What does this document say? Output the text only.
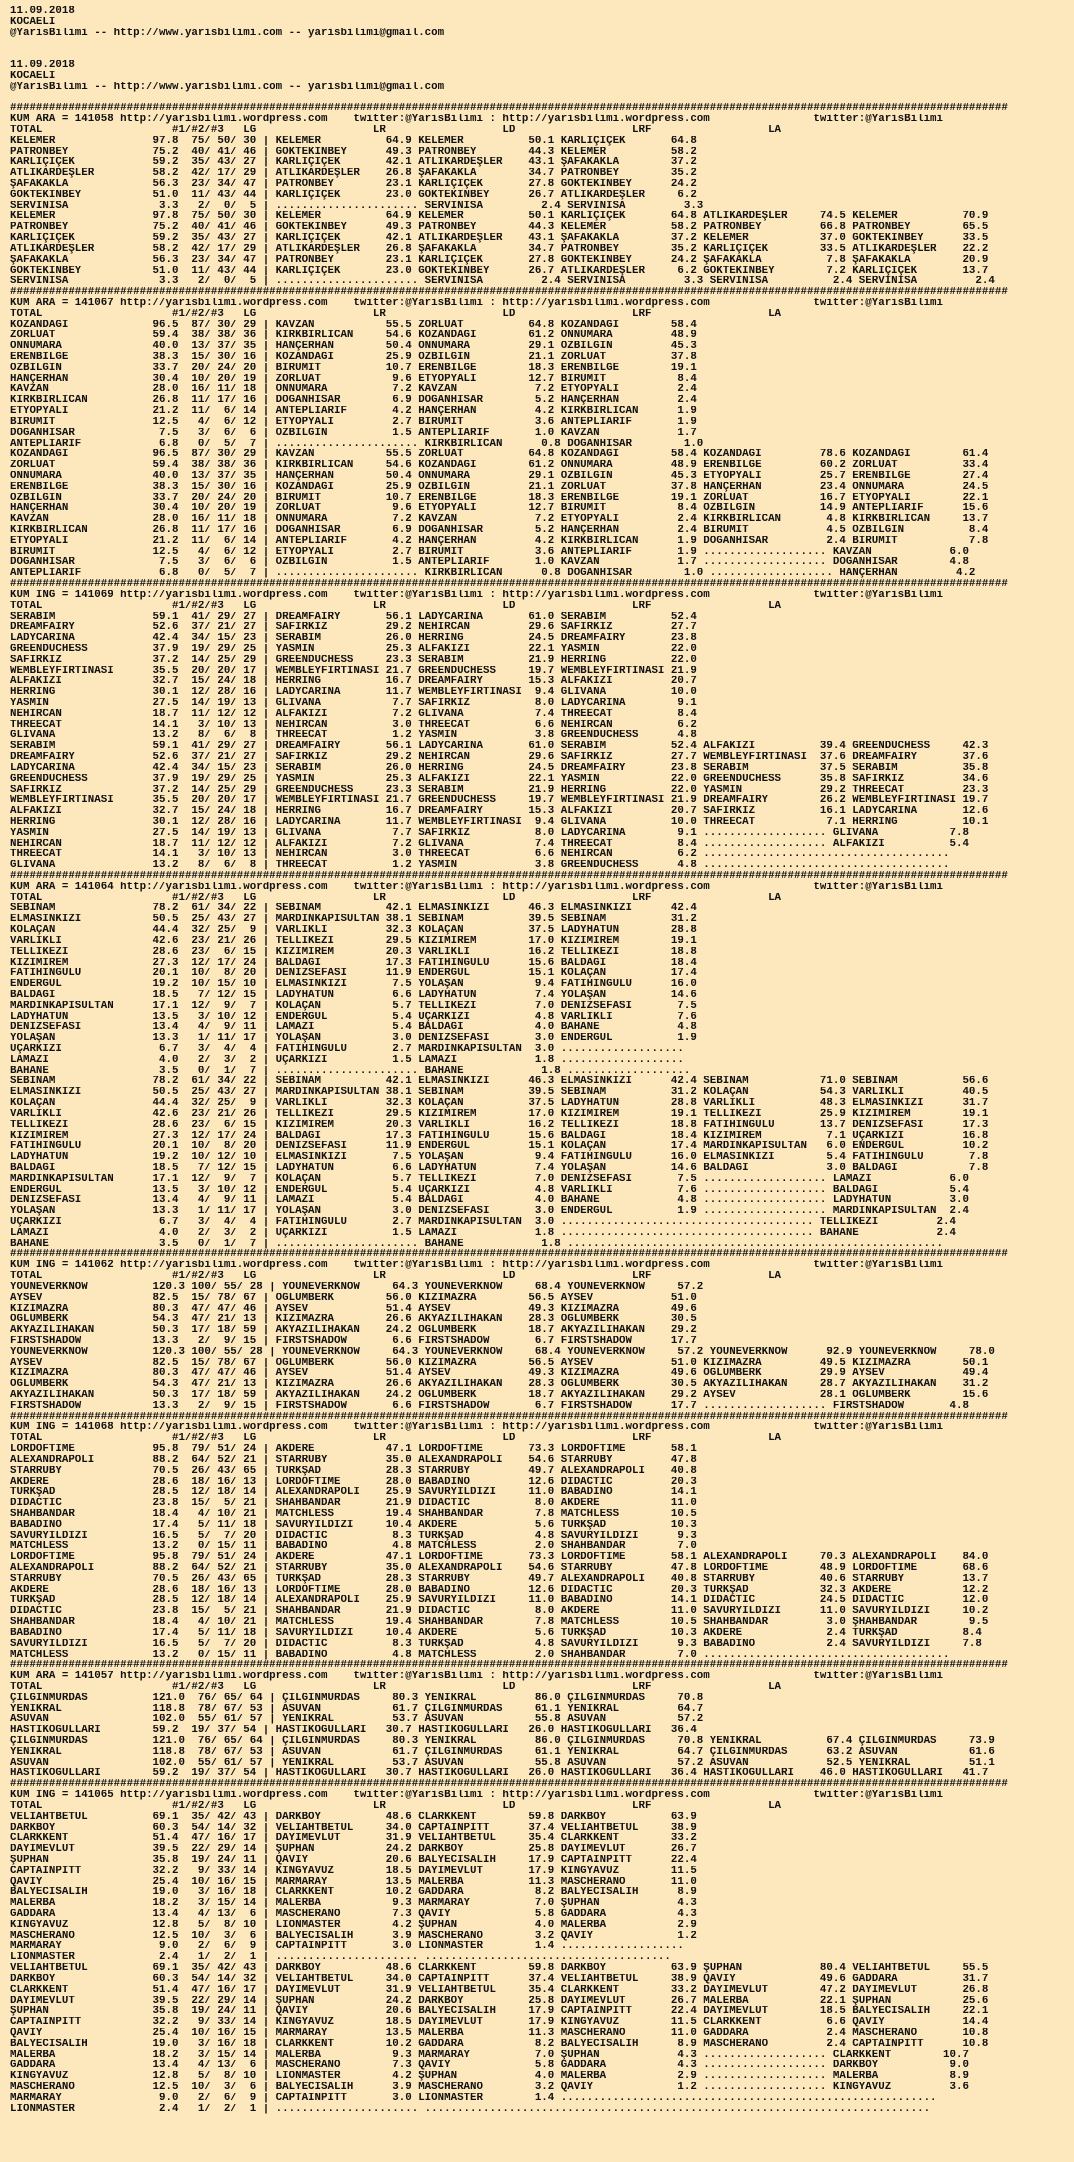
11.09.2018
KOCAELİ
@YarisBilimi -- http://www.yarisbilimi.com -- yarisbilimi@gmail.com

11.09.2018
KOCAELİ
@YarisBilimi -- http://www.yarisbilimi.com -- yarisbilimi@gmail.com

##########################################################################################################################################################
KUM ARA = 141058 http://yarisbilimi.wordpress.com    twitter:@YarisBilimi : http://yarisbilimi.wordpress.com                twitter:@YarisBilimi
TOTAL                    #1/#2/#3   LG                  LR                  LD                  LRF                  LA
KELEMER               97.8  75/ 50/ 30 | KELEMER          64.9 KELEMER          50.1 KARLIÇİÇEK       64.8
PATRONBEY             75.2  40/ 41/ 46 | GÖKTEKİNBEY      49.3 PATRONBEY        44.3 KELEMER          58.2
KARLIÇİÇEK            59.2  35/ 43/ 27 | KARLIÇİÇEK       42.1 ATLIKARDEŞLER    43.1 ŞAFAKAKLA        37.2
ATLIKARDEŞLER         58.2  42/ 17/ 29 | ATLIKARDEŞLER    26.8 ŞAFAKAKLA        34.7 PATRONBEY        35.2
ŞAFAKAKLA             56.3  23/ 34/ 47 | PATRONBEY        23.1 KARLIÇİÇEK       27.8 GÖKTEKİNBEY      24.2
GÖKTEKİNBEY           51.0  11/ 43/ 44 | KARLIÇİÇEK       23.0 GÖKTEKİNBEY      26.7 ATLIKARDEŞLER     6.2
SERVİNİSA              3.3   2/  0/  5 | ...................... SERVİNİSA         2.4 SERVİNİSA         3.3
KELEMER               97.8  75/ 50/ 30 | KELEMER          64.9 KELEMER          50.1 KARLIÇİÇEK       64.8 ATLIKARDEŞLER     74.5 KELEMER          70.9
PATRONBEY             75.2  40/ 41/ 46 | GÖKTEKİNBEY      49.3 PATRONBEY        44.3 KELEMER          58.2 PATRONBEY         66.8 PATRONBEY        65.5
KARLIÇİÇEK            59.2  35/ 43/ 27 | KARLIÇİÇEK       42.1 ATLIKARDEŞLER    43.1 ŞAFAKAKLA        37.2 KELEMER           37.0 GÖKTEKİNBEY      33.5
ATLIKARDEŞLER         58.2  42/ 17/ 29 | ATLIKARDEŞLER    26.8 ŞAFAKAKLA        34.7 PATRONBEY        35.2 KARLIÇİÇEK        33.5 ATLIKARDEŞLER    22.2
ŞAFAKAKLA             56.3  23/ 34/ 47 | PATRONBEY        23.1 KARLIÇİÇEK       27.8 GÖKTEKİNBEY      24.2 ŞAFAKAKLA          7.8 ŞAFAKAKLA        20.9
GÖKTEKİNBEY           51.0  11/ 43/ 44 | KARLIÇİÇEK       23.0 GÖKTEKİNBEY      26.7 ATLIKARDEŞLER     6.2 GÖKTEKİNBEY        7.2 KARLIÇİÇEK       13.7
SERVİNİSA              3.3   2/  0/  5 | ...................... SERVİNİSA         2.4 SERVİNİSA         3.3 SERVİNİSA          2.4 SERVİNİSA         2.4
##########################################################################################################################################################
KUM ARA = 141067 http://yarisbilimi.wordpress.com    twitter:@YarisBilimi : http://yarisbilimi.wordpress.com                twitter:@YarisBilimi
TOTAL                    #1/#2/#3   LG                  LR                  LD                  LRF                  LA
KOZANDAĞI             96.5  87/ 30/ 29 | KAVZAN           55.5 ZORLUAT          64.8 KOZANDAĞI        58.4
ZORLUAT               59.4  38/ 38/ 36 | KIRKBİRLİCAN     54.6 KOZANDAĞI        61.2 ONNUMARA         48.9
ONNUMARA              40.0  13/ 37/ 35 | HANÇERHAN        50.4 ONNUMARA         29.1 ÖZBİLGİN         45.3
ERENBİLGE             38.3  15/ 30/ 16 | KOZANDAĞI        25.9 ÖZBİLGİN         21.1 ZORLUAT          37.8
ÖZBİLGİN              33.7  20/ 24/ 20 | BİRUMİT          10.7 ERENBİLGE        18.3 ERENBİLGE        19.1
HANÇERHAN             30.4  10/ 20/ 19 | ZORLUAT           9.6 ETYOPYALI        12.7 BİRUMİT           8.4
KAVZAN                28.0  16/ 11/ 18 | ONNUMARA          7.2 KAVZAN            7.2 ETYOPYALI         2.4
KIRKBİRLİCAN          26.8  11/ 17/ 16 | DOĞANHİSAR        6.9 DOĞANHİSAR        5.2 HANÇERHAN         2.4
ETYOPYALI             21.2  11/  6/ 14 | ANTEPLİARİF       4.2 HANÇERHAN         4.2 KIRKBİRLİCAN      1.9
BİRUMİT               12.5   4/  6/ 12 | ETYOPYALI         2.7 BİRUMİT           3.6 ANTEPLİARİF       1.9
DOĞANHİSAR             7.5   3/  6/  6 | ÖZBİLGİN          1.5 ANTEPLİARİF       1.0 KAVZAN            1.7
ANTEPLİARİF            6.8   0/  5/  7 | ...................... KIRKBİRLİCAN      0.8 DOĞANHİSAR        1.0
KOZANDAĞI             96.5  87/ 30/ 29 | KAVZAN           55.5 ZORLUAT          64.8 KOZANDAĞI        58.4 KOZANDAĞI         78.6 KOZANDAĞI        61.4
ZORLUAT               59.4  38/ 38/ 36 | KIRKBİRLİCAN     54.6 KOZANDAĞI        61.2 ONNUMARA         48.9 ERENBİLGE         60.2 ZORLUAT          33.4
ONNUMARA              40.0  13/ 37/ 35 | HANÇERHAN        50.4 ONNUMARA         29.1 ÖZBİLGİN         45.3 ETYOPYALI         25.7 ERENBİLGE        27.4
ERENBİLGE             38.3  15/ 30/ 16 | KOZANDAĞI        25.9 ÖZBİLGİN         21.1 ZORLUAT          37.8 HANÇERHAN         23.4 ONNUMARA         24.5
ÖZBİLGİN              33.7  20/ 24/ 20 | BİRUMİT          10.7 ERENBİLGE        18.3 ERENBİLGE        19.1 ZORLUAT           16.7 ETYOPYALI        22.1
HANÇERHAN             30.4  10/ 20/ 19 | ZORLUAT           9.6 ETYOPYALI        12.7 BİRUMİT           8.4 ÖZBİLGİN          14.9 ANTEPLİARİF      15.6
KAVZAN                28.0  16/ 11/ 18 | ONNUMARA          7.2 KAVZAN            7.2 ETYOPYALI         2.4 KIRKBİRLİCAN       4.8 KIRKBİRLİCAN     13.7
KIRKBİRLİCAN          26.8  11/ 17/ 16 | DOĞANHİSAR        6.9 DOĞANHİSAR        5.2 HANÇERHAN         2.4 BİRUMİT            4.5 ÖZBİLGİN          8.4
ETYOPYALI             21.2  11/  6/ 14 | ANTEPLİARİF       4.2 HANÇERHAN         4.2 KIRKBİRLİCAN      1.9 DOĞANHİSAR         2.4 BİRUMİT           7.8
BİRUMİT               12.5   4/  6/ 12 | ETYOPYALI         2.7 BİRUMİT           3.6 ANTEPLİARİF       1.9 ................... KAVZAN            6.0
DOĞANHİSAR             7.5   3/  6/  6 | ÖZBİLGİN          1.5 ANTEPLİARİF       1.0 KAVZAN            1.7 ................... DOĞANHİSAR        4.8
ANTEPLİARİF            6.8   0/  5/  7 | ...................... KIRKBİRLİCAN      0.8 DOĞANHİSAR        1.0 ................... HANÇERHAN         4.2
##########################################################################################################################################################
KUM ING = 141069 http://yarisbilimi.wordpress.com    twitter:@YarisBilimi : http://yarisbilimi.wordpress.com                twitter:@YarisBilimi
TOTAL                    #1/#2/#3   LG                  LR                  LD                  LRF                  LA
SERABİM               59.1  41/ 29/ 27 | DREAMFAIRY       56.1 LADYCARINA       61.0 SERABİM          52.4
DREAMFAIRY            52.6  37/ 21/ 27 | SAFİRKIZ         29.2 NEHİRCAN         29.6 SAFİRKIZ         27.7
LADYCARINA            42.4  34/ 15/ 23 | SERABİM          26.0 HERRING          24.5 DREAMFAIRY       23.8
GREENDUCHESS          37.9  19/ 29/ 25 | YASMIN           25.3 ALFAKİZİ         22.1 YASMIN           22.0
SAFİRKIZ              37.2  14/ 25/ 29 | GREENDUCHESS     23.3 SERABİM          21.9 HERRING          22.0
WEMBLEYFIRTINASI      35.5  20/ 20/ 17 | WEMBLEYFIRTINASI 21.7 GREENDUCHESS     19.7 WEMBLEYFIRTINASI 21.9
ALFAKİZİ              32.7  15/ 24/ 18 | HERRING          16.7 DREAMFAIRY       15.3 ALFAKİZİ         20.7
HERRING               30.1  12/ 28/ 16 | LADYCARINA       11.7 WEMBLEYFIRTINASI  9.4 GLIVANA          10.0
YASMIN                27.5  14/ 19/ 13 | GLIVANA           7.7 SAFİRKIZ          8.0 LADYCARINA        9.1
NEHİRCAN              18.7  11/ 12/ 12 | ALFAKİZİ          7.2 GLIVANA           7.4 THREECAT          8.4
THREECAT              14.1   3/ 10/ 13 | NEHİRCAN          3.0 THREECAT          6.6 NEHİRCAN          6.2
GLIVANA               13.2   8/  6/  8 | THREECAT          1.2 YASMIN            3.8 GREENDUCHESS      4.8
SERABİM               59.1  41/ 29/ 27 | DREAMFAIRY       56.1 LADYCARINA       61.0 SERABİM          52.4 ALFAKİZİ          39.4 GREENDUCHESS     42.3
DREAMFAIRY            52.6  37/ 21/ 27 | SAFİRKIZ         29.2 NEHİRCAN         29.6 SAFİRKIZ         27.7 WEMBLEYFIRTINASI  37.6 DREAMFAIRY       37.6
LADYCARINA            42.4  34/ 15/ 23 | SERABİM          26.0 HERRING          24.5 DREAMFAIRY       23.8 SERABİM           37.5 SERABİM          35.8
GREENDUCHESS          37.9  19/ 29/ 25 | YASMIN           25.3 ALFAKİZİ         22.1 YASMIN           22.0 GREENDUCHESS      35.8 SAFİRKIZ         34.6
SAFİRKIZ              37.2  14/ 25/ 29 | GREENDUCHESS     23.3 SERABİM          21.9 HERRING          22.0 YASMIN            29.2 THREECAT         23.3
WEMBLEYFIRTINASI      35.5  20/ 20/ 17 | WEMBLEYFIRTINASI 21.7 GREENDUCHESS     19.7 WEMBLEYFIRTINASI 21.9 DREAMFAIRY        26.2 WEMBLEYFIRTINASI 19.7
ALFAKİZİ              32.7  15/ 24/ 18 | HERRING          16.7 DREAMFAIRY       15.3 ALFAKİZİ         20.7 SAFİRKIZ          16.1 LADYCARINA       12.6
HERRING               30.1  12/ 28/ 16 | LADYCARINA       11.7 WEMBLEYFIRTINASI  9.4 GLIVANA          10.0 THREECAT           7.1 HERRING          10.1
YASMIN                27.5  14/ 19/ 13 | GLIVANA           7.7 SAFİRKIZ          8.0 LADYCARINA        9.1 ................... GLIVANA           7.8
NEHİRCAN              18.7  11/ 12/ 12 | ALFAKİZİ          7.2 GLIVANA           7.4 THREECAT          8.4 ................... ALFAKİZİ          5.4
THREECAT              14.1   3/ 10/ 13 | NEHİRCAN          3.0 THREECAT          6.6 NEHİRCAN          6.2 ......................................
GLIVANA               13.2   8/  6/  8 | THREECAT          1.2 YASMIN            3.8 GREENDUCHESS      4.8 ......................................
##########################################################################################################################################################
KUM ARA = 141064 http://yarisbilimi.wordpress.com    twitter:@YarisBilimi : http://yarisbilimi.wordpress.com                twitter:@YarisBilimi
TOTAL                    #1/#2/#3   LG                  LR                  LD                  LRF                  LA
SEBİNAM               78.2  61/ 34/ 22 | SEBİNAM          42.1 ELMASINKIZI      46.3 ELMASINKIZI      42.4
ELMASINKIZI           50.5  25/ 43/ 27 | MARDİNKAPISULTAN 38.1 SEBİNAM          39.5 SEBİNAM          31.2
KOLAÇAN               44.4  32/ 25/  9 | VARLIKLI         32.3 KOLAÇAN          37.5 LADYHATUN        28.8
VARLIKLI              42.6  23/ 21/ 26 | TELLİKEZİ        29.5 KIZIMİREM        17.0 KIZIMİREM        19.1
TELLİKEZİ             28.6  23/  6/ 15 | KIZIMİREM        20.3 VARLIKLI         16.2 TELLİKEZİ        18.8
KIZIMİREM             27.3  12/ 17/ 24 | BALDAGI          17.3 FATİHİNGÜLÜ      15.6 BALDAGI          18.4
FATİHİNGÜLÜ           20.1  10/  8/ 20 | DENİZSEFASI      11.9 ENDERGÜL         15.1 KOLAÇAN          17.4
ENDERGÜL              19.2  10/ 15/ 10 | ELMASINKIZI       7.5 YOLAŞAN           9.4 FATİHİNGÜLÜ      16.0
BALDAGI               18.5   7/ 12/ 15 | LADYHATUN         6.6 LADYHATUN         7.4 YOLAŞAN          14.6
MARDİNKAPISULTAN      17.1  12/  9/  7 | KOLAÇAN           5.7 TELLİKEZİ         7.0 DENİZSEFASI       7.5
LADYHATUN             13.5   3/ 10/ 12 | ENDERGÜL          5.4 UÇARKIZI          4.8 VARLIKLI          7.6
DENİZSEFASI           13.4   4/  9/ 11 | LAMAZİ            5.4 BALDAGI           4.0 BAHANE            4.8
YOLAŞAN               13.3   1/ 11/ 17 | YOLAŞAN           3.0 DENİZSEFASI       3.0 ENDERGÜL          1.9
UÇARKIZI               6.7   3/  4/  4 | FATİHİNGÜLÜ       2.7 MARDİNKAPISULTAN  3.0 ...................
LAMAZİ                 4.0   2/  3/  2 | UÇARKIZI          1.5 LAMAZİ            1.8 ...................
BAHANE                 3.5   0/  1/  7 | ...................... BAHANE            1.8 ...................
SEBİNAM               78.2  61/ 34/ 22 | SEBİNAM          42.1 ELMASINKIZI      46.3 ELMASINKIZI      42.4 SEBİNAM           71.0 SEBİNAM          56.6
ELMASINKIZI           50.5  25/ 43/ 27 | MARDİNKAPISULTAN 38.1 SEBİNAM          39.5 SEBİNAM          31.2 KOLAÇAN           54.3 VARLIKLI         40.5
KOLAÇAN               44.4  32/ 25/  9 | VARLIKLI         32.3 KOLAÇAN          37.5 LADYHATUN        28.8 VARLIKLI          48.3 ELMASINKIZI      31.7
VARLIKLI              42.6  23/ 21/ 26 | TELLİKEZİ        29.5 KIZIMİREM        17.0 KIZIMİREM        19.1 TELLİKEZİ         25.9 KIZIMİREM        19.1
TELLİKEZİ             28.6  23/  6/ 15 | KIZIMİREM        20.3 VARLIKLI         16.2 TELLİKEZİ        18.8 FATİHİNGÜLÜ       13.7 DENİZSEFASI      17.3
KIZIMİREM             27.3  12/ 17/ 24 | BALDAGI          17.3 FATİHİNGÜLÜ      15.6 BALDAGI          18.4 KIZIMİREM          7.1 UÇARKIZI         16.8
FATİHİNGÜLÜ           20.1  10/  8/ 20 | DENİZSEFASI      11.9 ENDERGÜL         15.1 KOLAÇAN          17.4 MARDİNKAPISULTAN   6.0 ENDERGÜL         10.2
LADYHATUN             19.2  10/ 12/ 10 | ELMASINKIZI       7.5 YOLAŞAN           9.4 FATİHİNGÜLÜ      16.0 ELMASINKIZI        5.4 FATİHİNGÜLÜ       7.8
BALDAGI               18.5   7/ 12/ 15 | LADYHATUN         6.6 LADYHATUN         7.4 YOLAŞAN          14.6 BALDAGI            3.0 BALDAGI           7.8
MARDİNKAPISULTAN      17.1  12/  9/  7 | KOLAÇAN           5.7 TELLİKEZİ         7.0 DENİZSEFASI       7.5 ................... LAMAZİ            6.0
ENDERGÜL              13.5   3/ 10/ 12 | ENDERGÜL          5.4 UÇARKIZI          4.8 VARLIKLI          7.6 ................... BALDAGI           5.4
DENİZSEFASI           13.4   4/  9/ 11 | LAMAZİ            5.4 BALDAGI           4.0 BAHANE            4.8 ................... LADYHATUN         3.0
YOLAŞAN               13.3   1/ 11/ 17 | YOLAŞAN           3.0 DENİZSEFASI       3.0 ENDERGÜL          1.9 ................... MARDİNKAPISULTAN  2.4
UÇARKIZI               6.7   3/  4/  4 | FATİHİNGÜLÜ       2.7 MARDİNKAPISULTAN  3.0 ....................................... TELLİKEZİ         2.4
LAMAZİ                 4.0   2/  3/  2 | UÇARKIZI          1.5 LAMAZİ            1.8 ....................................... BAHANE            2.4
BAHANE                 3.5   0/  1/  7 | ...................... BAHANE            1.8 ..........................................................
##########################################################################################################################################################
KUM ING = 141062 http://yarisbilimi.wordpress.com    twitter:@YarisBilimi : http://yarisbilimi.wordpress.com                twitter:@YarisBilimi
TOTAL                    #1/#2/#3   LG                  LR                  LD                  LRF                  LA
YOUNEVERKNOW          120.3 100/ 55/ 28 | YOUNEVERKNOW     64.3 YOUNEVERKNOW     68.4 YOUNEVERKNOW     57.2
AYSEV                 82.5  15/ 78/ 67 | OGLUMBERK        56.0 KIZIMAZRA        56.5 AYSEV            51.0
KIZIMAZRA             80.3  47/ 47/ 46 | AYSEV            51.4 AYSEV            49.3 KIZIMAZRA        49.6
OGLUMBERK             54.3  47/ 21/ 13 | KIZIMAZRA        26.6 AKYAZILIHAKAN    28.3 OGLUMBERK        30.5
AKYAZILIHAKAN         50.3  17/ 18/ 59 | AKYAZILIHAKAN    24.2 OGLUMBERK        18.7 AKYAZILIHAKAN    29.2
FIRSTSHADOW           13.3   2/  9/ 15 | FIRSTSHADOW       6.6 FIRSTSHADOW       6.7 FIRSTSHADOW      17.7
YOUNEVERKNOW          120.3 100/ 55/ 28 | YOUNEVERKNOW     64.3 YOUNEVERKNOW     68.4 YOUNEVERKNOW     57.2 YOUNEVERKNOW      92.9 YOUNEVERKNOW     78.0
AYSEV                 82.5  15/ 78/ 67 | OGLUMBERK        56.0 KIZIMAZRA        56.5 AYSEV            51.0 KIZIMAZRA         49.5 KIZIMAZRA        50.1
KIZIMAZRA             80.3  47/ 47/ 46 | AYSEV            51.4 AYSEV            49.3 KIZIMAZRA        49.6 OGLUMBERK         29.9 AYSEV            49.4
OGLUMBERK             54.3  47/ 21/ 13 | KIZIMAZRA        26.6 AKYAZILIHAKAN    28.3 OGLUMBERK        30.5 AKYAZILIHAKAN     28.7 AKYAZILIHAKAN    31.2
AKYAZILIHAKAN         50.3  17/ 18/ 59 | AKYAZILIHAKAN    24.2 OGLUMBERK        18.7 AKYAZILIHAKAN    29.2 AYSEV             28.1 OGLUMBERK        15.6
FIRSTSHADOW           13.3   2/  9/ 15 | FIRSTSHADOW       6.6 FIRSTSHADOW       6.7 FIRSTSHADOW      17.7 ................... FIRSTSHADOW       4.8
##########################################################################################################################################################
KUM ING = 141068 http://yarisbilimi.wordpress.com    twitter:@YarisBilimi : http://yarisbilimi.wordpress.com                twitter:@YarisBilimi
TOTAL                    #1/#2/#3   LG                  LR                  LD                  LRF                  LA
LORDOFTIME            95.8  79/ 51/ 24 | AKDERE           47.1 LORDOFTIME       73.3 LORDOFTIME       58.1
ALEXANDRAPOLI         88.2  64/ 52/ 21 | STARRUBY         35.0 ALEXANDRAPOLI    54.6 STARRUBY         47.8
STARRUBY              70.5  26/ 43/ 65 | TURKŞAD          28.3 STARRUBY         49.7 ALEXANDRAPOLI    40.8
AKDERE                28.6  18/ 16/ 13 | LORDOFTIME       28.0 BABADINO         12.6 DİDACTİC         20.3
TURKŞAD               28.5  12/ 18/ 14 | ALEXANDRAPOLI    25.9 SAVURYILDIZI     11.0 BABADINO         14.1
DİDACTİC              23.8  15/  5/ 21 | SHAHBANDAR       21.9 DİDACTİC          8.0 AKDERE           11.0
SHAHBANDAR            18.4   4/ 10/ 21 | MATCHLESS        19.4 SHAHBANDAR        7.8 MATCHLESS        10.5
BABADINO              17.4   5/ 11/ 18 | SAVURYILDIZI     10.4 AKDERE            5.6 TURKŞAD          10.3
SAVURYILDIZI          16.5   5/  7/ 20 | DİDACTİC          8.3 TURKŞAD           4.8 SAVURYILDIZI      9.3
MATCHLESS             13.2   0/ 15/ 11 | BABADINO          4.8 MATCHLESS         2.0 SHAHBANDAR        7.0
LORDOFTIME            95.8  79/ 51/ 24 | AKDERE           47.1 LORDOFTIME       73.3 LORDOFTIME       58.1 ALEXANDRAPOLI     70.3 ALEXANDRAPOLI    84.0
ALEXANDRAPOLI         88.2  64/ 52/ 21 | STARRUBY         35.0 ALEXANDRAPOLI    54.6 STARRUBY         47.8 LORDOFTIME        48.9 LORDOFTIME       68.6
STARRUBY              70.5  26/ 43/ 65 | TURKŞAD          28.3 STARRUBY         49.7 ALEXANDRAPOLI    40.8 STARRUBY          40.6 STARRUBY         13.7
AKDERE                28.6  18/ 16/ 13 | LORDOFTIME       28.0 BABADINO         12.6 DİDACTİC         20.3 TURKŞAD           32.3 AKDERE           12.2
TURKŞAD               28.5  12/ 18/ 14 | ALEXANDRAPOLI    25.9 SAVURYILDIZI     11.0 BABADINO         14.1 DİDACTİC          24.5 DİDACTİC         12.0
DİDACTİC              23.8  15/  5/ 21 | SHAHBANDAR       21.9 DİDACTİC          8.0 AKDERE           11.0 SAVURYILDIZI      11.0 SAVURYILDIZI     10.2
SHAHBANDAR            18.4   4/ 10/ 21 | MATCHLESS        19.4 SHAHBANDAR        7.8 MATCHLESS        10.5 SHAHBANDAR         3.0 ŞHAHBANDAR        9.5
BABADINO              17.4   5/ 11/ 18 | SAVURYILDIZI     10.4 AKDERE            5.6 TURKŞAD          10.3 AKDERE             2.4 TURKŞAD          8.4
SAVURYILDIZI          16.5   5/  7/ 20 | DİDACTİC          8.3 TURKŞAD           4.8 SAVURYILDIZI      9.3 BABADINO           2.4 SAVURYILDIZI     7.8
MATCHLESS             13.2   0/ 15/ 11 | BABADINO          4.8 MATCHLESS         2.0 SHAHBANDAR        7.0 ......................................
##########################################################################################################################################################
KUM ARA = 141057 http://yarisbilimi.wordpress.com    twitter:@YarisBilimi : http://yarisbilimi.wordpress.com                twitter:@YarisBilimi
TOTAL                    #1/#2/#3   LG                  LR                  LD                  LRF                  LA
ÇILGINMURDAS          121.0  76/ 65/ 64 | ÇILGINMURDAS     80.3 YENİKRAL         86.0 ÇILGINMURDAS     70.8
YENİKRAL              118.8  78/ 67/ 53 | ASUVAN           61.7 ÇILGINMURDAS     61.1 YENİKRAL         64.7
ASUVAN                102.0  55/ 61/ 57 | YENİKRAL         53.7 ASUVAN           55.8 ASUVAN           57.2
HASTİKOĞULLARI        59.2  19/ 37/ 54 | HASTİKOĞULLARI   30.7 HASTİKOĞULLARI   26.0 HASTİKOĞULLARI   36.4
ÇILGINMURDAS          121.0  76/ 65/ 64 | ÇILGINMURDAS     80.3 YENİKRAL         86.0 ÇILGINMURDAS     70.8 YENİKRAL          67.4 ÇILGINMURDAS     73.9
YENİKRAL              118.8  78/ 67/ 53 | ASUVAN           61.7 ÇILGINMURDAS     61.1 YENİKRAL         64.7 ÇILGINMURDAS      63.2 ASUVAN           61.6
ASUVAN                102.0  55/ 61/ 57 | YENİKRAL         53.7 ASUVAN           55.8 ASUVAN           57.2 ASUVAN            52.5 YENİKRAL         51.1
HASTİKOĞULLARI        59.2  19/ 37/ 54 | HASTİKOĞULLARI   30.7 HASTİKOĞULLARI   26.0 HASTİKOĞULLARI   36.4 HASTİKOĞULLARI    46.0 HASTİKOĞULLARI   41.7
##########################################################################################################################################################
KUM ING = 141065 http://yarisbilimi.wordpress.com    twitter:@YarisBilimi : http://yarisbilimi.wordpress.com                twitter:@YarisBilimi
TOTAL                    #1/#2/#3   LG                  LR                  LD                  LRF                  LA
VELİAHTBETÜL          69.1  35/ 42/ 43 | DARKBOY          48.6 CLARKKENT        59.8 DARKBOY          63.9
DARKBOY               60.3  54/ 14/ 32 | VELİAHTBETÜL     34.0 CAPTAINPITT      37.4 VELİAHTBETÜL     38.9
CLARKKENT             51.4  47/ 16/ 17 | DAYIMEVLÜT       31.9 VELİAHTBETÜL     35.4 CLARKKENT        33.2
DAYIMEVLÜT            39.5  22/ 29/ 14 | ŞÜPHAN           24.2 DARKBOY          25.8 DAYIMEVLÜT       26.7
ŞÜPHAN                35.8  19/ 24/ 11 | QAVIY            20.6 BALYECISALİH     17.9 CAPTAINPITT      22.4
CAPTAINPITT           32.2   9/ 33/ 14 | KİNGYAVUZ        18.5 DAYIMEVLÜT       17.9 KİNGYAVUZ        11.5
QAVIY                 25.4  10/ 16/ 15 | MARMARAY         13.5 MALERBA          11.3 MASCHERANO       11.0
BALYECISALİH          19.0   3/ 16/ 18 | CLARKKENT        10.2 GADDARA           8.2 BALYECISALİH      8.9
MALERBA               18.2   3/ 15/ 14 | MALERBA           9.3 MARMARAY          7.0 ŞÜPHAN            4.3
GADDARA               13.4   4/ 13/  6 | MASCHERANO        7.3 QAVIY             5.8 GADDARA           4.3
KİNGYAVUZ             12.8   5/  8/ 10 | LIONMASTER        4.2 ŞÜPHAN            4.0 MALERBA           2.9
MASCHERANO            12.5  10/  3/  6 | BALYECISALİH      3.9 MASCHERANO        3.2 QAVIY             1.2
MARMARAY               9.0   2/  6/  9 | CAPTAINPITT       3.0 LIONMASTER        1.4 ...................
LIONMASTER             2.4   1/  2/  1 | ...................... ......................................
VELİAHTBETÜL          69.1  35/ 42/ 43 | DARKBOY          48.6 CLARKKENT        59.8 DARKBOY          63.9 ŞÜPHAN            80.4 VELİAHTBETÜL     55.5
DARKBOY               60.3  54/ 14/ 32 | VELİAHTBETÜL     34.0 CAPTAINPITT      37.4 VELİAHTBETÜL     38.9 QAVIY             49.6 GADDARA          31.7
CLARKKENT             51.4  47/ 16/ 17 | DAYIMEVLÜT       31.9 VELİAHTBETÜL     35.4 CLARKKENT        33.2 DAYIMEVLÜT        47.2 DAYIMEVLÜT       26.8
DAYIMEVLÜT            39.5  22/ 29/ 14 | ŞÜPHAN           24.2 DARKBOY          25.8 DAYIMEVLÜT       26.7 MALERBA           22.1 ŞÜPHAN           25.6
ŞÜPHAN                35.8  19/ 24/ 11 | QAVIY            20.6 BALYECISALİH     17.9 CAPTAINPITT      22.4 DAYIMEVLÜT        18.5 BALYECISALİH     22.1
CAPTAINPITT           32.2   9/ 33/ 14 | KİNGYAVUZ        18.5 DAYIMEVLÜT       17.9 KİNGYAVUZ        11.5 CLARKKENT          6.6 QAVIY            14.4
QAVIY                 25.4  10/ 16/ 15 | MARMARAY         13.5 MALERBA          11.3 MASCHERANO       11.0 GADDARA            2.4 MASCHERANO       10.8
BALYECISALİH          19.0   3/ 16/ 18 | CLARKKENT        10.2 GADDARA           8.2 BALYECISALİH      8.9 MASCHERANO         2.4 CAPTAINPITT      10.8
MALERBA               18.2   3/ 15/ 14 | MALERBA           9.3 MARMARAY          7.0 ŞÜPHAN            4.3 ................... CLARKKENT        10.7
GADDARA               13.4   4/ 13/  6 | MASCHERANO        7.3 QAVIY             5.8 GADDARA           4.3 ................... DARKBOY           9.0
KİNGYAVUZ             12.8   5/  8/ 10 | LIONMASTER        4.2 ŞÜPHAN            4.0 MALERBA           2.9 ................... MALERBA           8.9
MASCHERANO            12.5  10/  3/  6 | BALYECISALİH      3.9 MASCHERANO        3.2 QAVIY             1.2 ................... KİNGYAVUZ         3.6
MARMARAY               9.0   2/  6/  9 | CAPTAINPITT       3.0 LIONMASTER        1.4 ..........................................................
LIONMASTER             2.4   1/  2/  1 | ...................... ..............................................................................
